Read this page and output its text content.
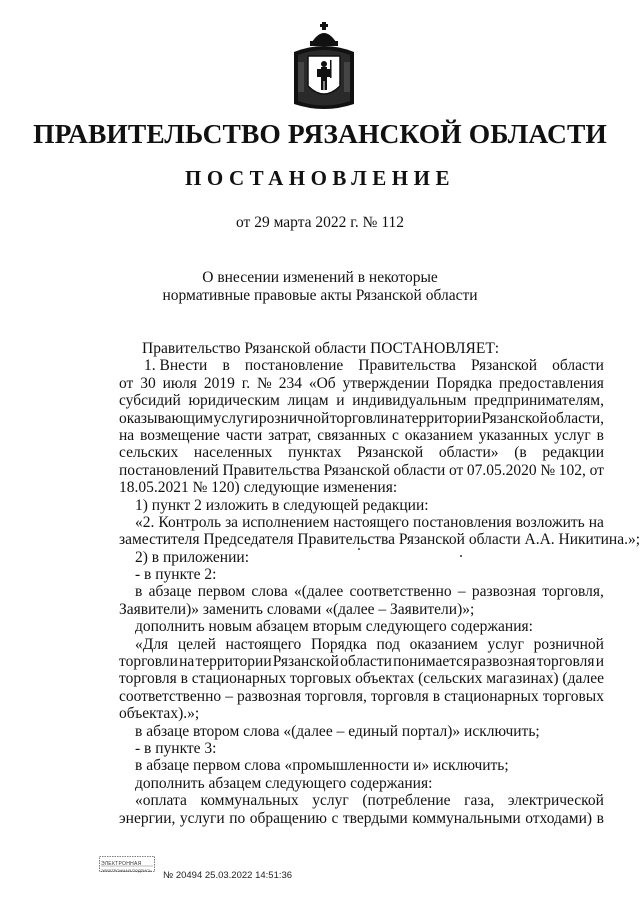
ПРАВИТЕЛЬСТВО РЯЗАНСКОЙ ОБЛАСТИ
ПОСТАНОВЛЕНИЕ
от 29 марта 2022 г. № 112
О внесении изменений в некоторые
нормативные правовые акты Рязанской области
Правительство Рязанской области ПОСТАНОВЛЯЕТ:
1. Внести в постановление Правительства Рязанской области
от 30 июля 2019 г. № 234 «Об утверждении Порядка предоставления
субсидий юридическим лицам и индивидуальным предпринимателям,
оказывающим услуги розничной торговли на территории Рязанской области,
на возмещение части затрат, связанных с оказанием указанных услуг в
сельских населенных пунктах Рязанской области» (в редакции
постановлений Правительства Рязанской области от 07.05.2020 № 102, от
18.05.2021 № 120) следующие изменения:
1) пункт 2 изложить в следующей редакции:
«2. Контроль за исполнением настоящего постановления возложить на
заместителя Председателя Правительства Рязанской области А.А. Никитина.»;
2) в приложении:
- в пункте 2:
в абзаце первом слова «(далее соответственно – развозная торговля,
Заявители)» заменить словами «(далее – Заявители)»;
дополнить новым абзацем вторым следующего содержания:
«Для целей настоящего Порядка под оказанием услуг розничной
торговли на территории Рязанской области понимается развозная торговля и
торговля в стационарных торговых объектах (сельских магазинах) (далее
соответственно – развозная торговля, торговля в стационарных торговых
объектах).»;
в абзаце втором слова «(далее – единый портал)» исключить;
- в пункте 3:
в абзаце первом слова «промышленности и» исключить;
дополнить абзацем следующего содержания:
«оплата коммунальных услуг (потребление газа, электрической
энергии, услуги по обращению с твердыми коммунальными отходами) в
ЭЛЕКТРОННАЯ
ЭЛЕКТРОННАЯ ПОДПИСЬ № 20494 25.03.2022 14:51:36
